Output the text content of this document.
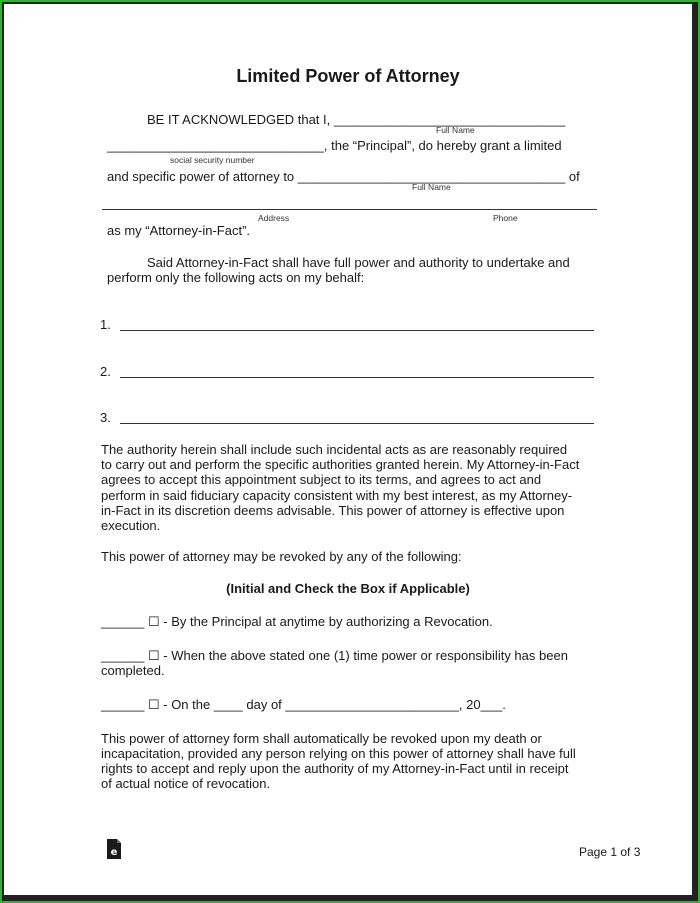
Limited Power of Attorney
BE IT ACKNOWLEDGED that I, ________________________________
Full Name
______________________________, the “Principal”, do hereby grant a limited
social security number
and specific power of attorney to _____________________________________ of
Full Name
Address	Phone
as my “Attorney-in-Fact”.
Said Attorney-in-Fact shall have full power and authority to undertake and
perform only the following acts on my behalf:
1.
2.
3.
The authority herein shall include such incidental acts as are reasonably required
to carry out and perform the specific authorities granted herein. My Attorney-in-Fact
agrees to accept this appointment subject to its terms, and agrees to act and
perform in said fiduciary capacity consistent with my best interest, as my Attorney-
in-Fact in its discretion deems advisable. This power of attorney is effective upon
execution.
This power of attorney may be revoked by any of the following:
(Initial and Check the Box if Applicable)
______ ☐ - By the Principal at anytime by authorizing a Revocation.
______ ☐ - When the above stated one (1) time power or responsibility has been
completed.
______ ☐ - On the ____ day of ________________________, 20___.
This power of attorney form shall automatically be revoked upon my death or
incapacitation, provided any person relying on this power of attorney shall have full
rights to accept and reply upon the authority of my Attorney-in-Fact until in receipt
of actual notice of revocation.
e	Page 1 of 3
